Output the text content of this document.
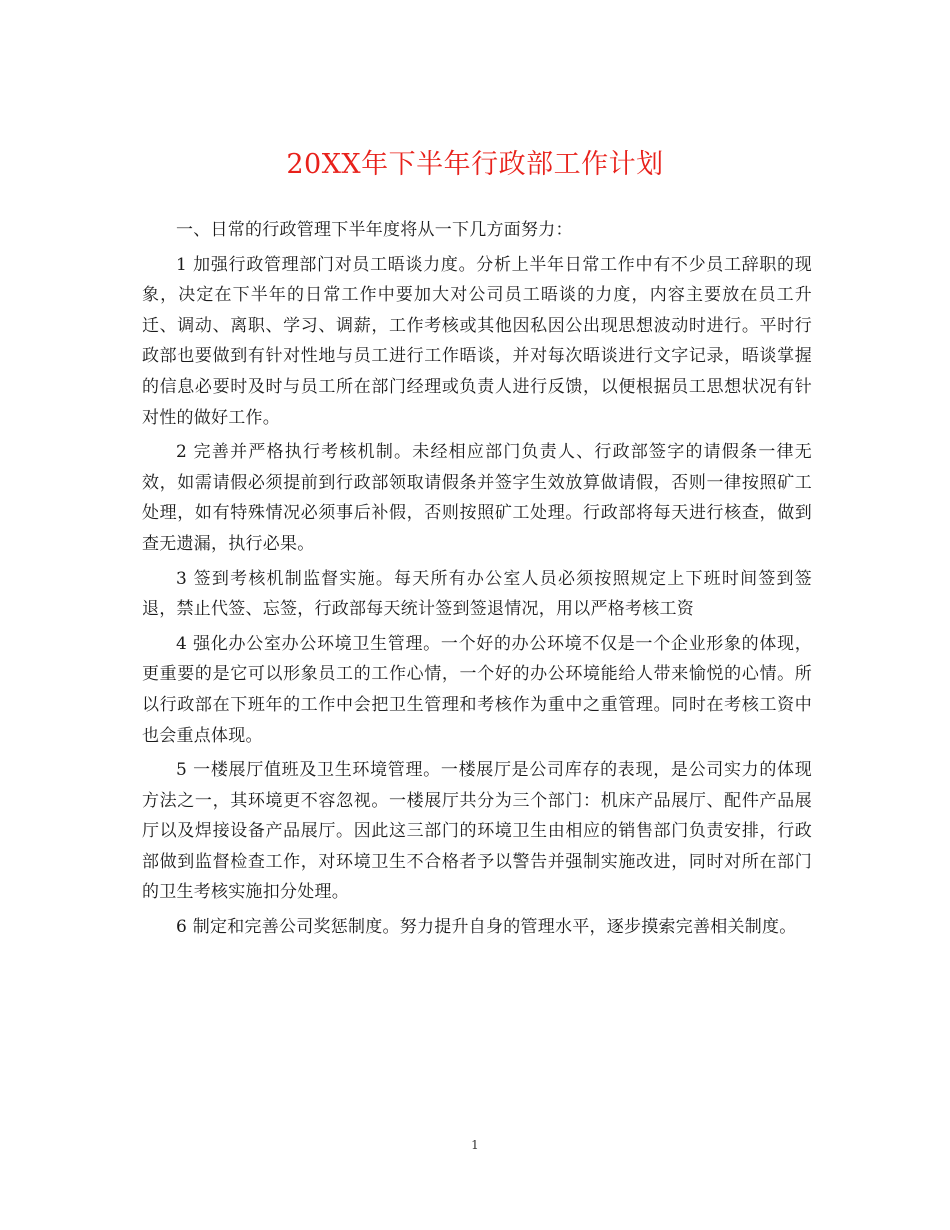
20XX年下半年行政部工作计划

一、日常的行政管理下半年度将从一下几方面努力：

1 加强行政管理部门对员工晤谈力度。分析上半年日常工作中有不少员工辞职的现象，决定在下半年的日常工作中要加大对公司员工晤谈的力度，内容主要放在员工升迁、调动、离职、学习、调薪，工作考核或其他因私因公出现思想波动时进行。平时行政部也要做到有针对性地与员工进行工作晤谈，并对每次晤谈进行文字记录，晤谈掌握的信息必要时及时与员工所在部门经理或负责人进行反馈，以便根据员工思想状况有针对性的做好工作。

2 完善并严格执行考核机制。未经相应部门负责人、行政部签字的请假条一律无效，如需请假必须提前到行政部领取请假条并签字生效放算做请假，否则一律按照矿工处理，如有特殊情况必须事后补假，否则按照矿工处理。行政部将每天进行核查，做到查无遗漏，执行必果。

3 签到考核机制监督实施。每天所有办公室人员必须按照规定上下班时间签到签退，禁止代签、忘签，行政部每天统计签到签退情况，用以严格考核工资

4 强化办公室办公环境卫生管理。一个好的办公环境不仅是一个企业形象的体现，更重要的是它可以形象员工的工作心情，一个好的办公环境能给人带来愉悦的心情。所以行政部在下班年的工作中会把卫生管理和考核作为重中之重管理。同时在考核工资中也会重点体现。

5 一楼展厅值班及卫生环境管理。一楼展厅是公司库存的表现，是公司实力的体现方法之一，其环境更不容忽视。一楼展厅共分为三个部门：机床产品展厅、配件产品展厅以及焊接设备产品展厅。因此这三部门的环境卫生由相应的销售部门负责安排，行政部做到监督检查工作，对环境卫生不合格者予以警告并强制实施改进，同时对所在部门的卫生考核实施扣分处理。

6 制定和完善公司奖惩制度。努力提升自身的管理水平，逐步摸索完善相关制度。

1
